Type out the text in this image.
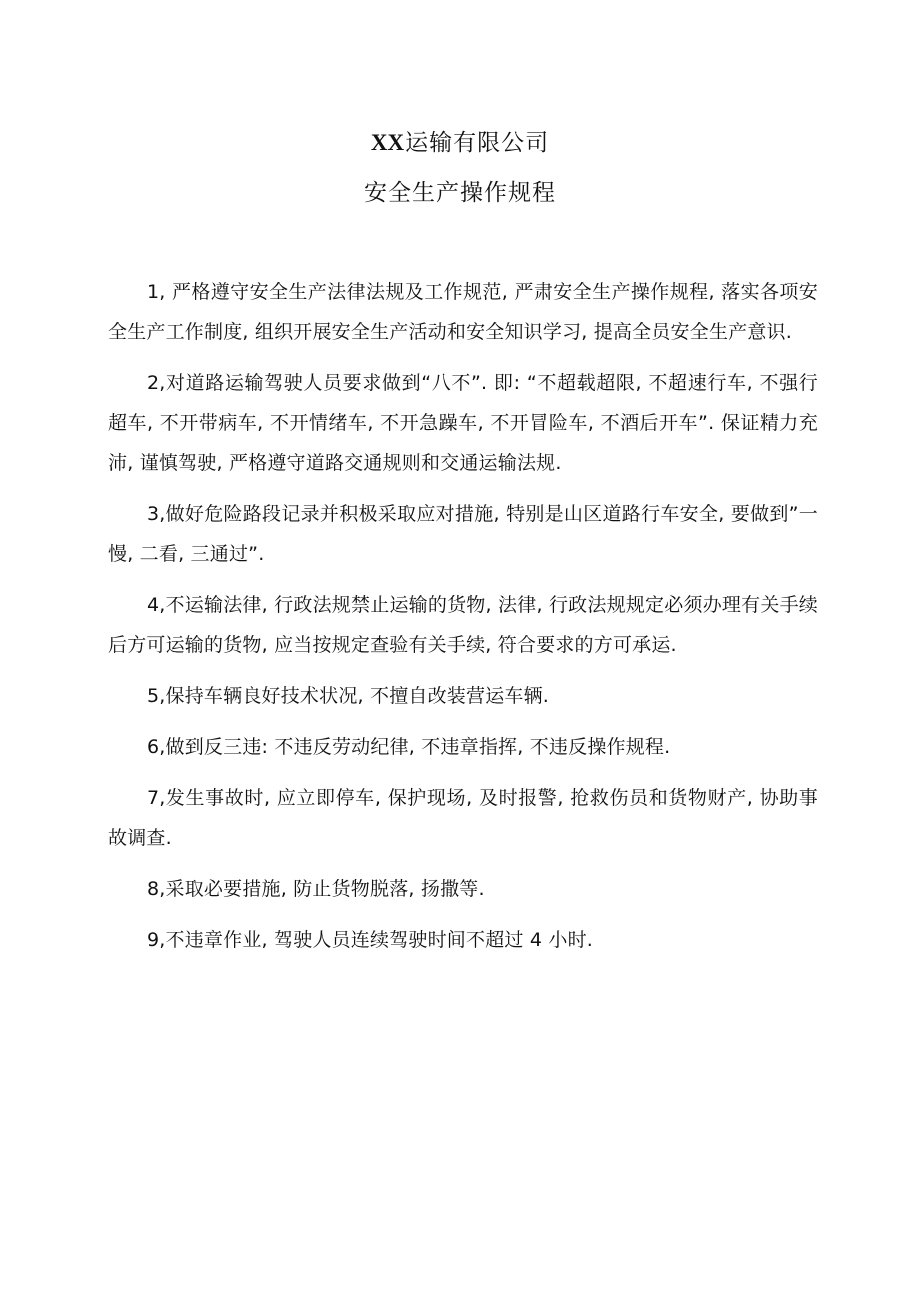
XX运输有限公司
安全生产操作规程

1, 严格遵守安全生产法律法规及工作规范, 严肃安全生产操作规程, 落实各项安全生产工作制度, 组织开展安全生产活动和安全知识学习, 提高全员安全生产意识.

2,对道路运输驾驶人员要求做到“八不”. 即: “不超载超限, 不超速行车, 不强行超车, 不开带病车, 不开情绪车, 不开急躁车, 不开冒险车, 不酒后开车”. 保证精力充沛, 谨慎驾驶, 严格遵守道路交通规则和交通运输法规.

3,做好危险路段记录并积极采取应对措施, 特别是山区道路行车安全, 要做到”一慢, 二看, 三通过”.

4,不运输法律, 行政法规禁止运输的货物, 法律, 行政法规规定必须办理有关手续后方可运输的货物, 应当按规定查验有关手续, 符合要求的方可承运.

5,保持车辆良好技术状况, 不擅自改装营运车辆.

6,做到反三违: 不违反劳动纪律, 不违章指挥, 不违反操作规程.

7,发生事故时, 应立即停车, 保护现场, 及时报警, 抢救伤员和货物财产, 协助事故调查.

8,采取必要措施, 防止货物脱落, 扬撒等.

9,不违章作业, 驾驶人员连续驾驶时间不超过 4 小时.
